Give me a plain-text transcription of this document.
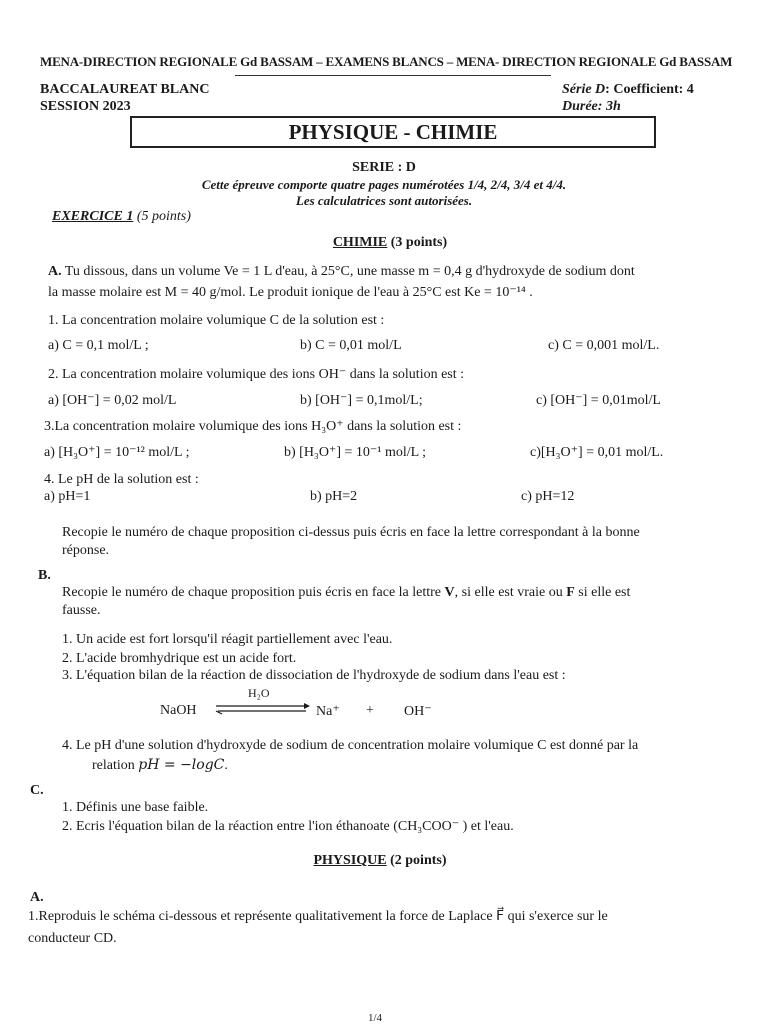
MENA-DIRECTION REGIONALE Gd BASSAM – EXAMENS BLANCS – MENA- DIRECTION REGIONALE Gd BASSAM
BACCALAUREAT BLANC
SESSION 2023
Série D: Coefficient: 4
Durée: 3h
PHYSIQUE - CHIMIE
SERIE : D
Cette épreuve comporte quatre pages numérotées 1/4, 2/4, 3/4 et 4/4.
Les calculatrices sont autorisées.
EXERCICE 1 (5 points)
CHIMIE (3 points)
A. Tu dissous, dans un volume Ve = 1 L d'eau, à 25°C, une masse m = 0,4 g d'hydroxyde de sodium dont
la masse molaire est M = 40 g/mol. Le produit ionique de l'eau à 25°C est Ke = 10⁻¹⁴ .
1. La concentration molaire volumique C de la solution est :
a) C = 0,1 mol/L ;	b) C = 0,01 mol/L	c) C = 0,001 mol/L.
2. La concentration molaire volumique des ions OH⁻ dans la solution est :
a) [OH⁻] = 0,02 mol/L	b) [OH⁻] = 0,1mol/L;	c) [OH⁻] = 0,01mol/L
3.La concentration molaire volumique des ions H₃O⁺ dans la solution est :
a) [H₃O⁺] = 10⁻¹² mol/L ;	b) [H₃O⁺] = 10⁻¹ mol/L ;	c)[H₃O⁺] = 0,01 mol/L.
4. Le pH de la solution est :
a) pH=1	b) pH=2	c) pH=12
Recopie le numéro de chaque proposition ci-dessus puis écris en face la lettre correspondant à la bonne
réponse.
B.
Recopie le numéro de chaque proposition puis écris en face la lettre V, si elle est vraie ou F si elle est
fausse.
1. Un acide est fort lorsqu'il réagit partiellement avec l'eau.
2. L'acide bromhydrique est un acide fort.
3. L'équation bilan de la réaction de dissociation de l'hydroxyde de sodium dans l'eau est :
NaOH
H₂O
Na⁺ + OH⁻
4. Le pH d'une solution d'hydroxyde de sodium de concentration molaire volumique C est donné par la
relation pH = −logC.
C.
1. Définis une base faible.
2. Ecris l'équation bilan de la réaction entre l'ion éthanoate (CH₃COO⁻ ) et l'eau.
PHYSIQUE (2 points)
A.
1.Reproduis le schéma ci-dessous et représente qualitativement la force de Laplace F⃗ qui s'exerce sur le
conducteur CD.
1/4
